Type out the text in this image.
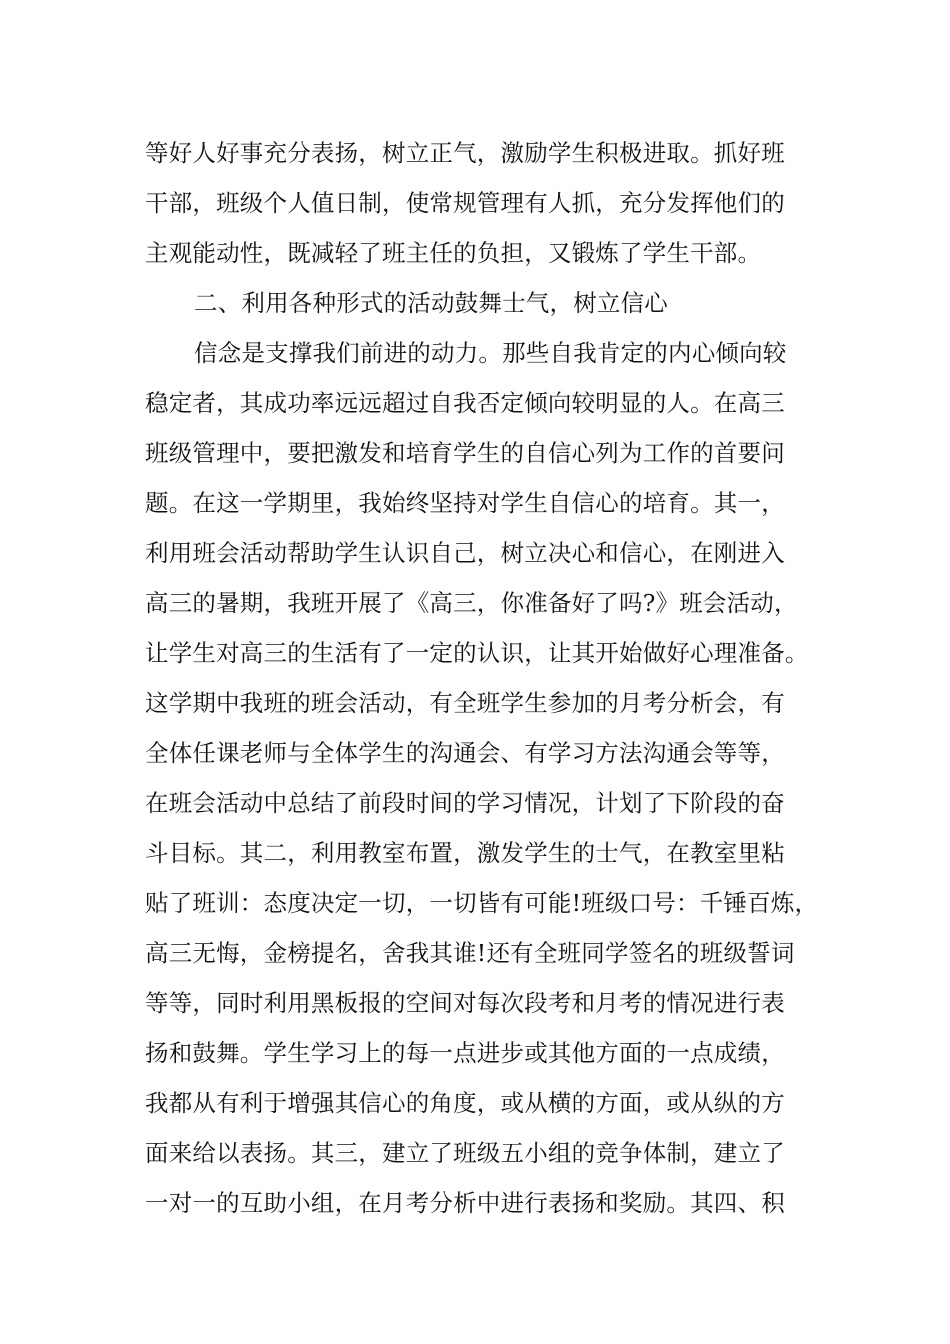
等好人好事充分表扬，树立正气，激励学生积极进取。抓好班
干部，班级个人值日制，使常规管理有人抓，充分发挥他们的
主观能动性，既减轻了班主任的负担，又锻炼了学生干部。
二、利用各种形式的活动鼓舞士气，树立信心
信念是支撑我们前进的动力。那些自我肯定的内心倾向较
稳定者，其成功率远远超过自我否定倾向较明显的人。在高三
班级管理中，要把激发和培育学生的自信心列为工作的首要问
题。在这一学期里，我始终坚持对学生自信心的培育。其一，
利用班会活动帮助学生认识自己，树立决心和信心，在刚进入
高三的暑期，我班开展了《高三，你准备好了吗?》班会活动，
让学生对高三的生活有了一定的认识，让其开始做好心理准备。
这学期中我班的班会活动，有全班学生参加的月考分析会，有
全体任课老师与全体学生的沟通会、有学习方法沟通会等等，
在班会活动中总结了前段时间的学习情况，计划了下阶段的奋
斗目标。其二，利用教室布置，激发学生的士气，在教室里粘
贴了班训：态度决定一切，一切皆有可能!班级口号：千锤百炼，
高三无悔，金榜提名，舍我其谁!还有全班同学签名的班级誓词
等等，同时利用黑板报的空间对每次段考和月考的情况进行表
扬和鼓舞。学生学习上的每一点进步或其他方面的一点成绩，
我都从有利于增强其信心的角度，或从横的方面，或从纵的方
面来给以表扬。其三，建立了班级五小组的竞争体制，建立了
一对一的互助小组，在月考分析中进行表扬和奖励。其四、积
